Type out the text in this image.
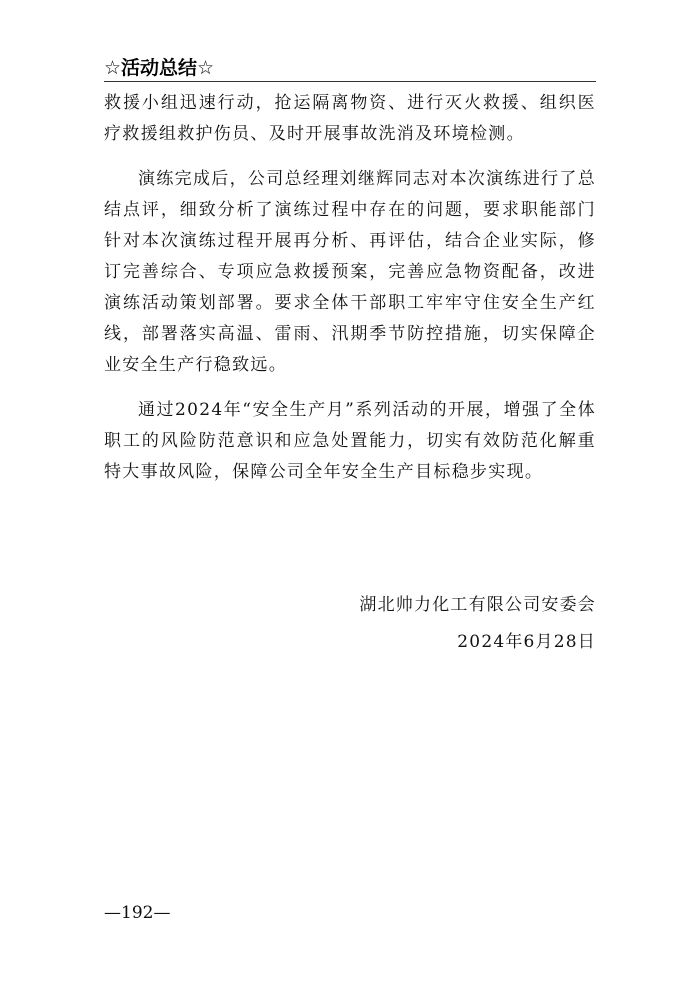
☆活动总结☆

救援小组迅速行动，抢运隔离物资、进行灭火救援、组织医疗救援组救护伤员、及时开展事故洗消及环境检测。

演练完成后，公司总经理刘继辉同志对本次演练进行了总结点评，细致分析了演练过程中存在的问题，要求职能部门针对本次演练过程开展再分析、再评估，结合企业实际，修订完善综合、专项应急救援预案，完善应急物资配备，改进演练活动策划部署。要求全体干部职工牢牢守住安全生产红线，部署落实高温、雷雨、汛期季节防控措施，切实保障企业安全生产行稳致远。

通过2024年“安全生产月”系列活动的开展，增强了全体职工的风险防范意识和应急处置能力，切实有效防范化解重特大事故风险，保障公司全年安全生产目标稳步实现。

湖北帅力化工有限公司安委会
2024年6月28日
—192—
